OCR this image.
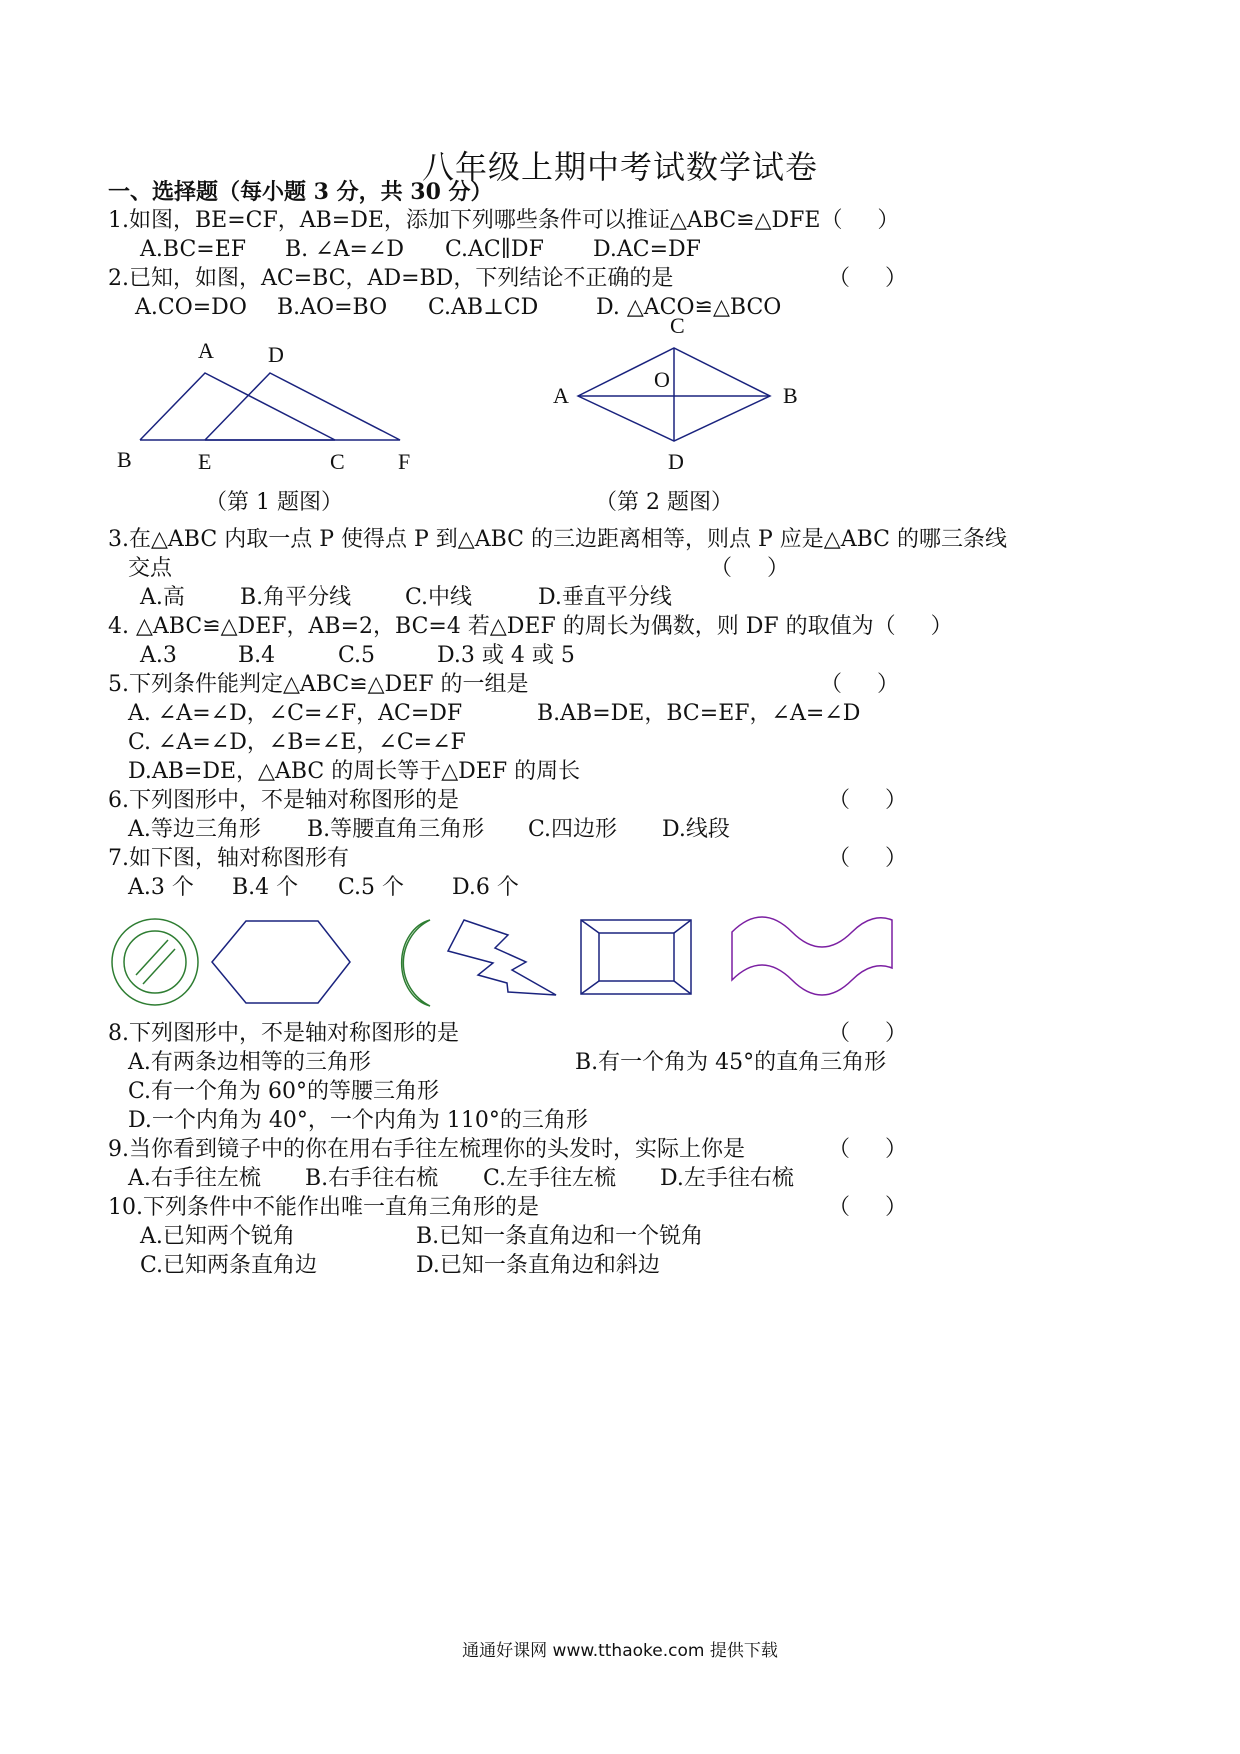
八年级上期中考试数学试卷
一、选择题（每小题 3 分，共 30 分）
1.如图，BE=CF，AB=DE，添加下列哪些条件可以推证△ABC≌△DFE（     ）
A.BC=EF B. ∠A=∠D C.AC∥DF D.AC=DF
2.已知，如图，AC=BC，AD=BD，下列结论不正确的是	（     ）
A.CO=DO B.AO=BO C.AB⊥CD	D. △ACO≌△BCO
A D
B	E	C F
C
O
A	B
D
（第 1 题图）	（第 2 题图）
3.在△ABC 内取一点 P 使得点 P 到△ABC 的三边距离相等，则点 P 应是△ABC 的哪三条线
交点	（     ）
A.高	B.角平分线 C.中线	D.垂直平分线
4. △ABC≌△DEF，AB=2，BC=4 若△DEF 的周长为偶数，则 DF 的取值为（     ）
A.3	B.4	C.5	D.3 或 4 或 5
5.下列条件能判定△ABC≌△DEF 的一组是	（     ）
A. ∠A=∠D，∠C=∠F，AC=DF	B.AB=DE，BC=EF，∠A=∠D
C. ∠A=∠D，∠B=∠E，∠C=∠F
D.AB=DE，△ABC 的周长等于△DEF 的周长
6.下列图形中，不是轴对称图形的是	（     ）
A.等边三角形 B.等腰直角三角形 C.四边形 D.线段
7.如下图，轴对称图形有	（     ）
A.3 个 B.4 个 C.5 个 D.6 个
8.下列图形中，不是轴对称图形的是	（     ）
A.有两条边相等的三角形	B.有一个角为 45°的直角三角形
C.有一个角为 60°的等腰三角形
D.一个内角为 40°，一个内角为 110°的三角形
9.当你看到镜子中的你在用右手往左梳理你的头发时，实际上你是	（     ）
A.右手往左梳 B.右手往右梳 C.左手往左梳 D.左手往右梳
10.下列条件中不能作出唯一直角三角形的是	（     ）
A.已知两个锐角	B.已知一条直角边和一个锐角
C.已知两条直角边	D.已知一条直角边和斜边
通通好课网 www.tthaoke.com 提供下载
